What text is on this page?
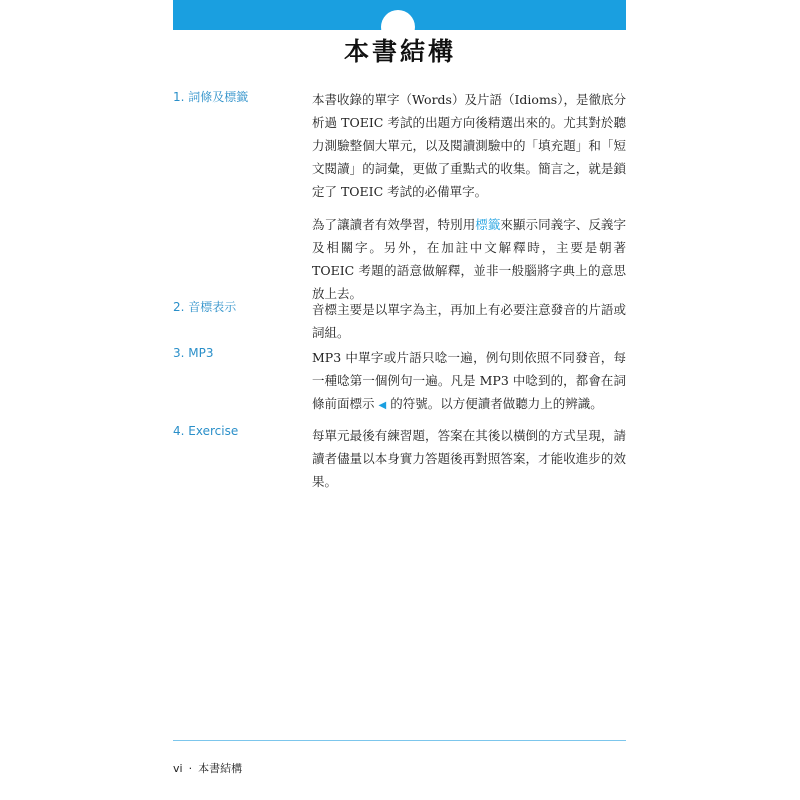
本書結構
1. 詞條及標籤	本書收錄的單字（Words）及片語（Idioms），是徹底分析過 TOEIC 考試的出題方向後精選出來的。尤其對於聽力測驗整個大單元，以及閱讀測驗中的「填充題」和「短文閱讀」的詞彙，更做了重點式的收集。簡言之，就是鎖定了 TOEIC 考試的必備單字。

為了讓讀者有效學習，特別用標籤來顯示同義字、反義字及相關字。另外，在加註中文解釋時，主要是朝著 TOEIC 考題的語意做解釋，並非一般腦將字典上的意思放上去。

2. 音標表示	音標主要是以單字為主，再加上有必要注意發音的片語或詞組。

3. MP3	MP3 中單字或片語只唸一遍，例句則依照不同發音，每一種唸第一個例句一遍。凡是 MP3 中唸到的，都會在詞條前面標示 ◀ 的符號。以方便讀者做聽力上的辨識。

4. Exercise	每單元最後有練習題，答案在其後以橫倒的方式呈現，請讀者儘量以本身實力答題後再對照答案，才能收進步的效果。

vi · 本書結構
